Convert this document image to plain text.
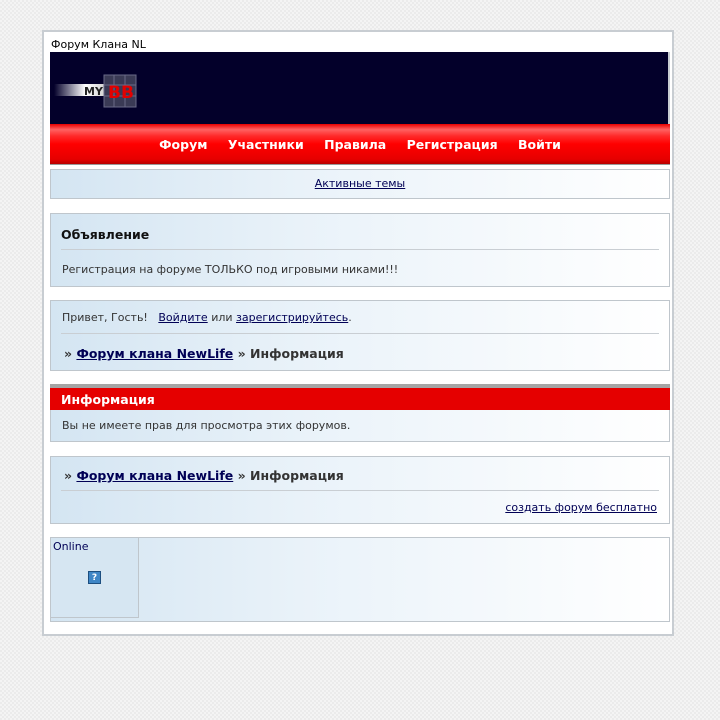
Форум Клана NL
MY BB
Форум Участники Правила Регистрация Войти
Активные темы
Объявление
Регистрация на форуме ТОЛЬКО под игровыми никами!!!
Привет, Гость! Войдите или зарегистрируйтесь.
» Форум клана NewLife » Информация
Информация
Вы не имеете прав для просмотра этих форумов.
» Форум клана NewLife » Информация
создать форум бесплатно
Online
?
